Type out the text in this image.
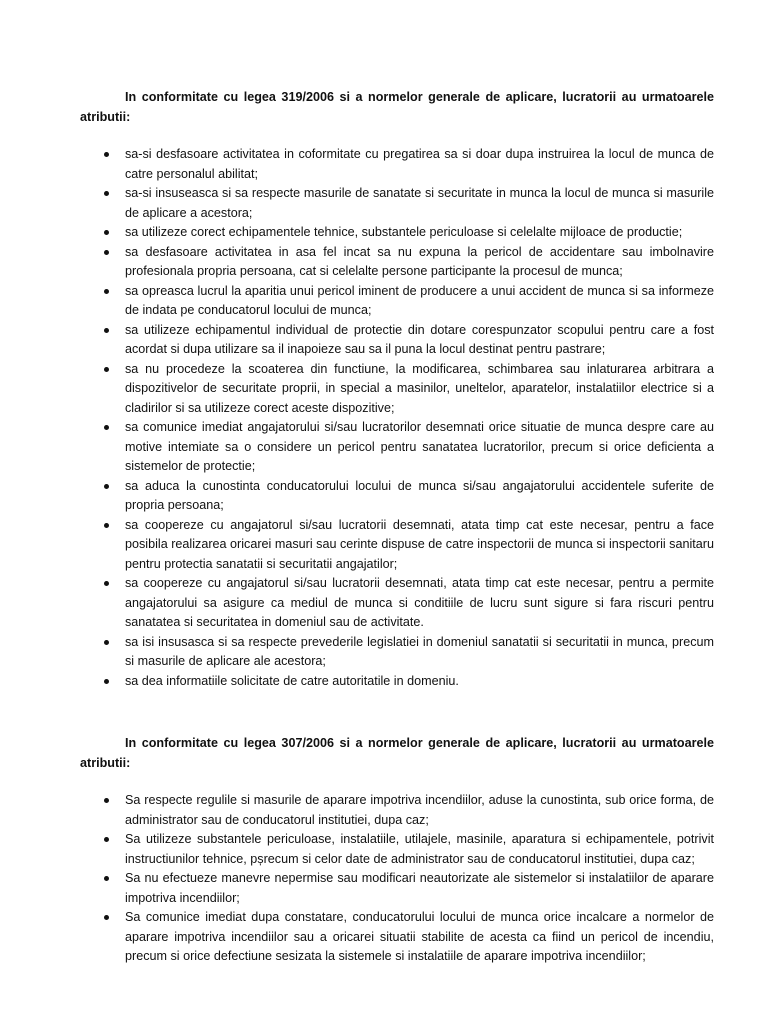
In conformitate cu legea 319/2006 si a normelor generale de aplicare, lucratorii au urmatoarele atributii:

sa-si desfasoare activitatea in coformitate cu pregatirea sa si doar dupa instruirea la locul de munca de catre personalul abilitat;
sa-si insuseasca si sa respecte masurile de sanatate si securitate in munca la locul de munca si masurile de aplicare a acestora;
sa utilizeze corect echipamentele tehnice, substantele periculoase si celelalte mijloace de productie;
sa desfasoare activitatea in asa fel incat sa nu expuna la pericol de accidentare sau imbolnavire profesionala propria persoana, cat si celelalte persone participante la procesul de munca;
sa opreasca lucrul la aparitia unui pericol iminent de producere a unui accident de munca si sa informeze de indata pe conducatorul locului de munca;
sa utilizeze echipamentul individual de protectie din dotare corespunzator scopului pentru care a fost acordat si dupa utilizare sa il inapoieze sau sa il puna la locul destinat pentru pastrare;
sa nu procedeze la scoaterea din functiune, la modificarea, schimbarea sau inlaturarea arbitrara a dispozitivelor de securitate proprii, in special a masinilor, uneltelor, aparatelor, instalatiilor electrice si a cladirilor si sa utilizeze corect aceste dispozitive;
sa comunice imediat angajatorului si/sau lucratorilor desemnati orice situatie de munca despre care au motive intemiate sa o considere un pericol pentru sanatatea lucratorilor, precum si orice deficienta a sistemelor de protectie;
sa aduca la cunostinta conducatorului locului de munca si/sau angajatorului accidentele suferite de propria persoana;
sa coopereze cu angajatorul si/sau lucratorii desemnati, atata timp cat este necesar, pentru a face posibila realizarea oricarei masuri sau cerinte dispuse de catre inspectorii de munca si inspectorii sanitaru pentru protectia sanatatii si securitatii angajatilor;
sa coopereze cu angajatorul si/sau lucratorii desemnati, atata timp cat este necesar, pentru a permite angajatorului sa asigure ca mediul de munca si conditiile de lucru sunt sigure si fara riscuri pentru sanatatea si securitatea in domeniul sau de activitate.
sa isi insusasca si sa respecte prevederile legislatiei in domeniul sanatatii si securitatii in munca, precum si masurile de aplicare ale acestora;
sa dea informatiile solicitate de catre autoritatile in domeniu.

In conformitate cu legea 307/2006 si a normelor generale de aplicare, lucratorii au urmatoarele atributii:

Sa respecte regulile si masurile de aparare impotriva incendiilor, aduse la cunostinta, sub orice forma, de administrator sau de conducatorul institutiei, dupa caz;
Sa utilizeze substantele periculoase, instalatiile, utilajele, masinile, aparatura si echipamentele, potrivit instructiunilor tehnice, pșrecum si celor date de administrator sau de conducatorul institutiei, dupa caz;
Sa nu efectueze manevre nepermise sau modificari neautorizate ale sistemelor si instalatiilor de aparare impotriva incendiilor;
Sa comunice imediat dupa constatare, conducatorului locului de munca orice incalcare a normelor de aparare impotriva incendiilor sau a oricarei situatii stabilite de acesta ca fiind un pericol de incendiu, precum si orice defectiune sesizata la sistemele si instalatiile de aparare impotriva incendiilor;
